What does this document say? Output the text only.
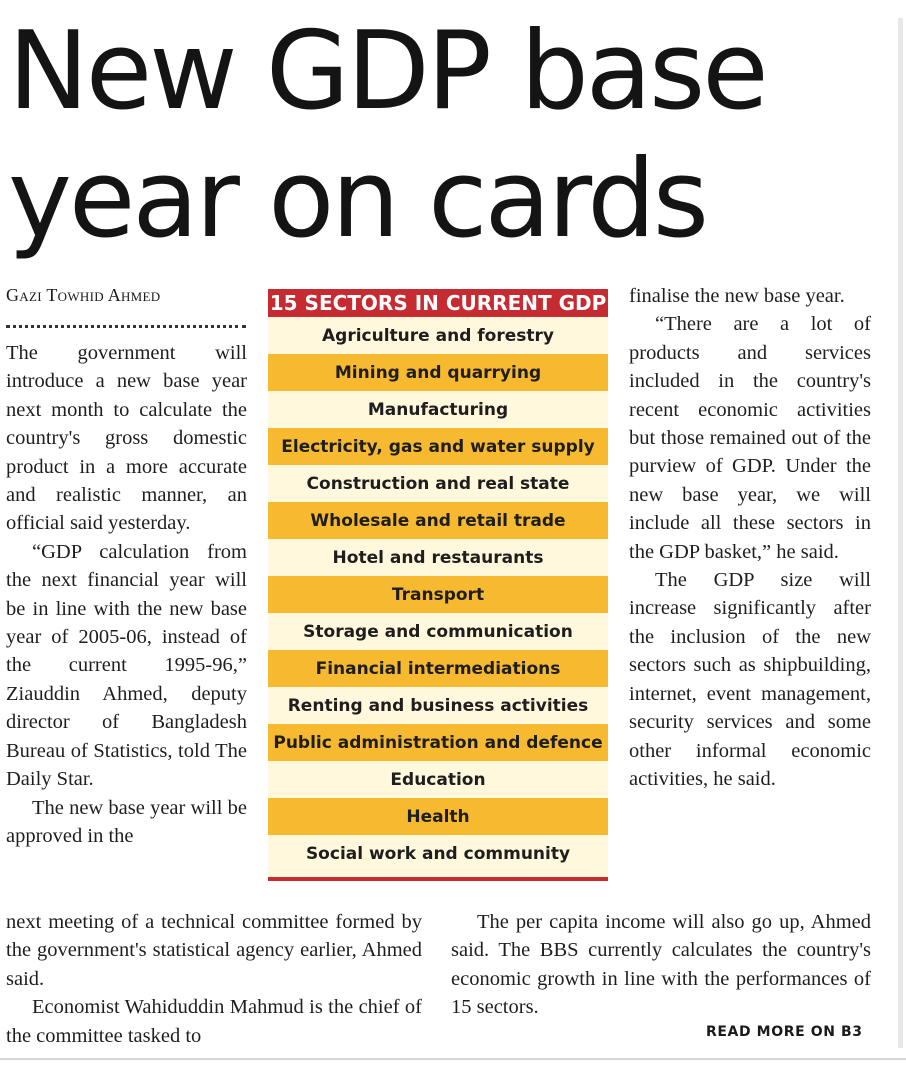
New GDP base
year on cards
Gazi Towhid Ahmed

The government will introduce a new base year next month to calculate the country's gross domestic product in a more accurate and realistic manner, an official said yesterday.

“GDP calculation from the next financial year will be in line with the new base year of 2005-06, instead of the current 1995-96,” Ziauddin Ahmed, deputy director of Bangladesh Bureau of Statistics, told The Daily Star.

The new base year will be approved in the

15 SECTORS IN CURRENT GDP
Agriculture and forestry
Mining and quarrying
Manufacturing
Electricity, gas and water supply
Construction and real state
Wholesale and retail trade
Hotel and restaurants
Transport
Storage and communication
Financial intermediations
Renting and business activities
Public administration and defence
Education
Health
Social work and community

finalise the new base year.

“There are a lot of products and services included in the country's recent economic activities but those remained out of the purview of GDP. Under the new base year, we will include all these sectors in the GDP basket,” he said.

The GDP size will increase significantly after the inclusion of the new sectors such as shipbuilding, internet, event management, security services and some other informal economic activities, he said.

next meeting of a technical committee formed by the government's statistical agency earlier, Ahmed said.

Economist Wahiduddin Mahmud is the chief of the committee tasked to

The per capita income will also go up, Ahmed said. The BBS currently calculates the country's economic growth in line with the performances of 15 sectors.

READ MORE ON B3
